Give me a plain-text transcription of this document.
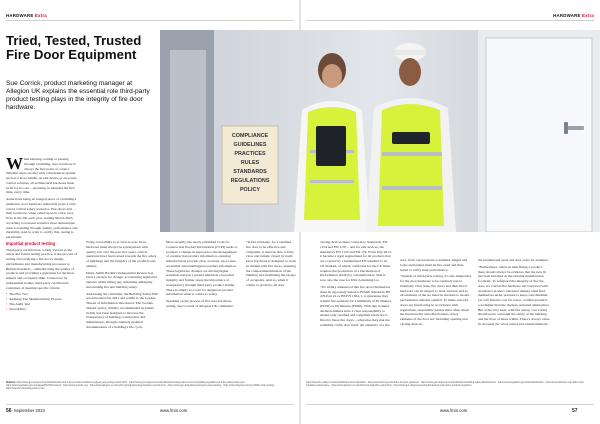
HARDWARE Extra	HARDWARE Extra
Tried, Tested, Trusted Fire Door Equipment

Sue Corrick, product marketing manager at Allegion UK explains the essential role third-party product testing plays in the integrity of fire door hardware.

COMPLIANCE
GUIDELINES
PRACTICES
RULES
STANDARDS
REGULATIONS
POLICY

When entering, exiting or passing through a building, door hardware is always the first point of contact. Whether users are met with a mechanical system such as a lever handle, an exit device or an access control solution, all architectural hardware must be fit for its role – operating as intended the first time, every time.

Aside from being an integral piece of a building's aesthetics, door hardware inherently plays a vital role in critical safety scenarios. Fire doors and their hardware, when called upon in a fire, save lives in the UK each year, reading March 2023, according to national statistics most demonstrate rules to building through quality, performance and durability. And in order to certify this, testing is paramount.

Impartial product testing

Third-party certification, widely viewed as the safest and fairest testing practice, is the process of testing and verifying a fire door's design, performance and manufacturing processes to British Standards – authenticating the quality of products and providing a guarantee for decision-makers and occupants alike. Carried out by independent bodies, third-party certification comprises of meeting specific criteria:

• The Fire Test
• Auditing The Manufacturing Process
• The Audit Test
• Traceability

Today, traceability is as vital as ever. Door hardware must always be synonymous with quality, but over the past five years, critical questions have been raised towards the fire safety of buildings and the integrity of the products and entities.

Dame Judith Hackitt's Independent Review has been a catalyst for change, accelerating legislative updates whilst lifting any remaining ambiguity surrounding fire and building safety.

Addressing the criticisms, the Building Safety Bill was introduced in 2021 and within it, the Golden Thread of Information introduced. The 'Golden Thread' policy, initially recommended by Dame Judith, has been designed to increase the transparency of building construction and maintenance, through routinely updated documentation of a building's life cycle.

More recently, the newly published Code for Construction Product Information (CCPI) seeks to promote a change in approach to the management of construction product information, ensuring manufacturers provide clear, accurate, up-to-date, accessible and unambiguous product information. These legislative changes are driving higher standards and put a greater emphasis on product integrity and further stress the importance of transparency through third-party product testing. There is simply no room for dangerous product information when it comes to safety.

Speaking on the process of fire door hardware testing, Sue Corrick of Allegion UK comments:

"In fire incidents, for a certified fire door to be effective and compliant, it must be able to fully close and remain closed by itself. Door hardware is designed to work in tandem with fire doors, ensuring the compartmentalisation of the building and facilitating the escape of occupants. And so, when it comes to products, all door

closing devices must conform to Standards, EN 1154 and EN 1155 – and for exit devices, the mandatory EN 1125 and EN 179. From July 2013, it became a legal requirement for all products that are covered by a harmonised EN standard to be CE marked, of which, validation for the CE mark requires the production of a Declaration of Performance (DoP) by a manufacturer. This is now also the case for UKCA marking too.

"It's widely understood that fire doors themselves must be rigorously tested to British Standards BS 476 Part 22 or BS EN 1634-1, to guarantee they remain fire-resistant for a minimum of 30 minutes (FD30) or 60 minutes (FD60). With that in mind, decision-makers have a clear responsibility to ensure only certified and compliant hardware is fitted to these fire doors – otherwise they risk the reliability of the door itself. All elements of a fire

door, from our hardware to handles, hinges and locks and latches must be fire-rated and thus, tested to verify their performance.

"Outside of third-party testing, it's also imperative for the door hardware to be routinely tested internally. Over time, fire doors and their fitted hardware can be subject to wear and tear and so, all elements of the set must be checked to ensure performance remains optimal. To make sure fire doors are functioning in accordance with regulations, responsible parties must often check the functionality and effectiveness of key elements of the door set: including opening and closing devices,

the intumescent seals and door stops for example.

"Furthermore, when an item fitting a product, there should always be evidence that the new fit has been installed as the existing manufacturer footprint. To safeguard the integrity of the fire door, it's crucial that hardware isn't replaced with an inferior product. Decision makers often find themselves under pressure to keep costs minimal, yet will find the cost far lower, certified products cost higher than the cheaper, untested alternatives. But at the very least, with fire safety, cost saving should never outweigh the safety of the building and the lives of those within. There's always value in choosing the 'tried, tested and trusted methods.'

Sources: https://www.gov.uk/government/statistics/fire-and-rescue-incident-statistics-england-year-ending-march-2023 · https://www.gov.uk/government/publications/independent-review-of-building-regulations-and-fire-safety-final-report · https://www.legislation.gov.uk/ukpga/2022/30/contents · https://www.cpicode.org/ · https://www.allegion.co.uk/en/home/products/categories/door-controls.html · https://www.gov.uk/guidance/using-the-ukca-marking · https://www.bsigroup.com/en-GB/fire-door-testing/ · https://www.firedoorsafetyweek.co.uk/
https://www.fire-safety.co.uk/standards/fire-doors-hardware · https://www.bwf.org.uk/certifire-fire-door-guidance/ · https://www.gov.uk/government/publications/building-safety-bill-factsheets · https://www.legislation.gov.uk/uksi/2011/1211 · https://www.dhfonline.org.uk/fire-door-hardware-maintenance · https://www.allegion.co.uk/en/home/insights/fire-safety.html · https://www.gov.uk/government/publications/construction-products-regulation
56 September 2023	www.fmm.com	www.fmm.com	57
